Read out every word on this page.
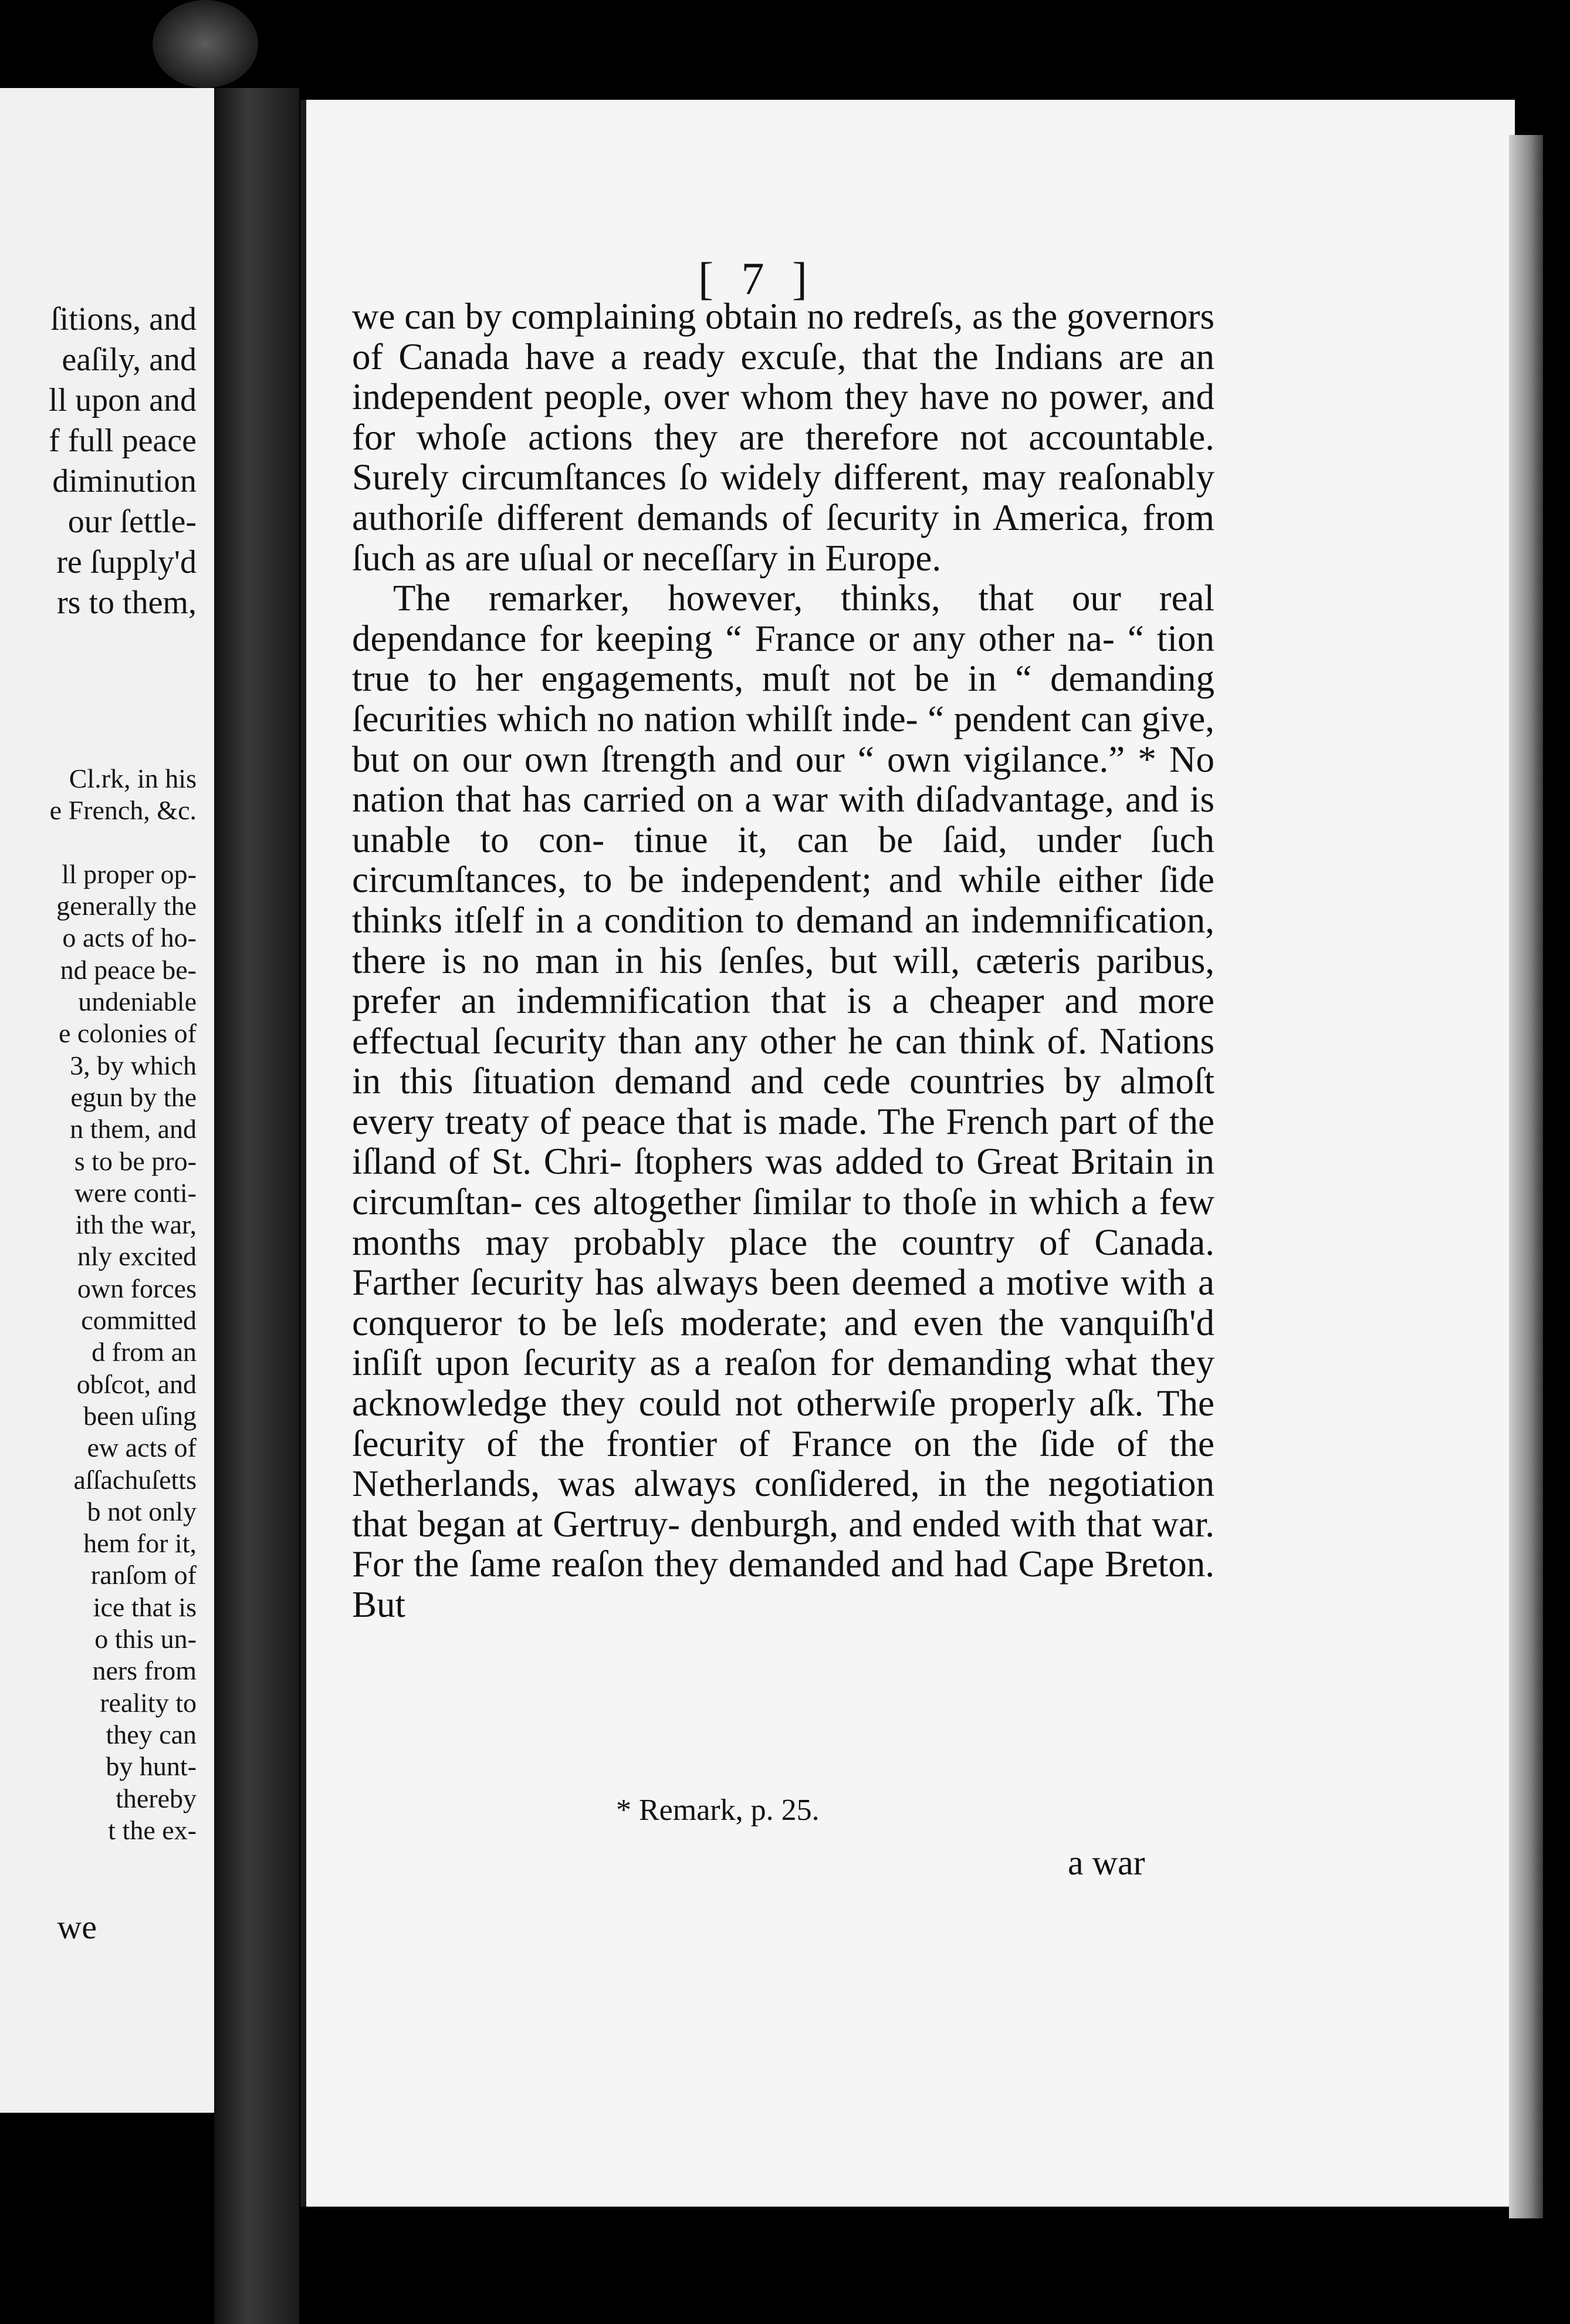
ſitions, and
eaſily, and
ll upon and
f full peace
diminution
our ſettle-
re ſupply'd
rs to them,
Cl.rk, in his
e French, &c.

ll proper op-
generally the
o acts of ho-
nd peace be-
undeniable
e colonies of
3, by which
egun by the
n them, and
s to be pro-
were conti-
ith the war,
nly excited
own forces
committed
d from an
obſcot, and
been uſing
ew acts of
aſſachuſetts
b not only
hem for it,
ranſom of
ice that is
o this un-
ners from
reality to
they can
by hunt-
thereby
t the ex-
we
[ 7 ]

we can by complaining obtain no redreſs, as the governors of Canada have a ready excuſe, that the Indians are an independent people, over whom they have no power, and for whoſe actions they are therefore not accountable. Surely circumſtances ſo widely different, may reaſonably authoriſe different demands of ſecurity in America, from ſuch as are uſual or neceſſary in Europe.

The remarker, however, thinks, that our real dependance for keeping “ France or any other na- “ tion true to her engagements, muſt not be in “ demanding ſecurities which no nation whilſt inde- “ pendent can give, but on our own ſtrength and our “ own vigilance.” * No nation that has carried on a war with diſadvantage, and is unable to con- tinue it, can be ſaid, under ſuch circumſtances, to be independent; and while either ſide thinks itſelf in a condition to demand an indemnification, there is no man in his ſenſes, but will, cæteris paribus, prefer an indemnification that is a cheaper and more effectual ſecurity than any other he can think of. Nations in this ſituation demand and cede countries by almoſt every treaty of peace that is made. The French part of the iſland of St. Chri- ſtophers was added to Great Britain in circumſtan- ces altogether ſimilar to thoſe in which a few months may probably place the country of Canada. Farther ſecurity has always been deemed a motive with a conqueror to be leſs moderate; and even the vanquiſh'd inſiſt upon ſecurity as a reaſon for demanding what they acknowledge they could not otherwiſe properly aſk. The ſecurity of the frontier of France on the ſide of the Netherlands, was always conſidered, in the negotiation that began at Gertruy- denburgh, and ended with that war. For the ſame reaſon they demanded and had Cape Breton. But

* Remark, p. 25.
a war
